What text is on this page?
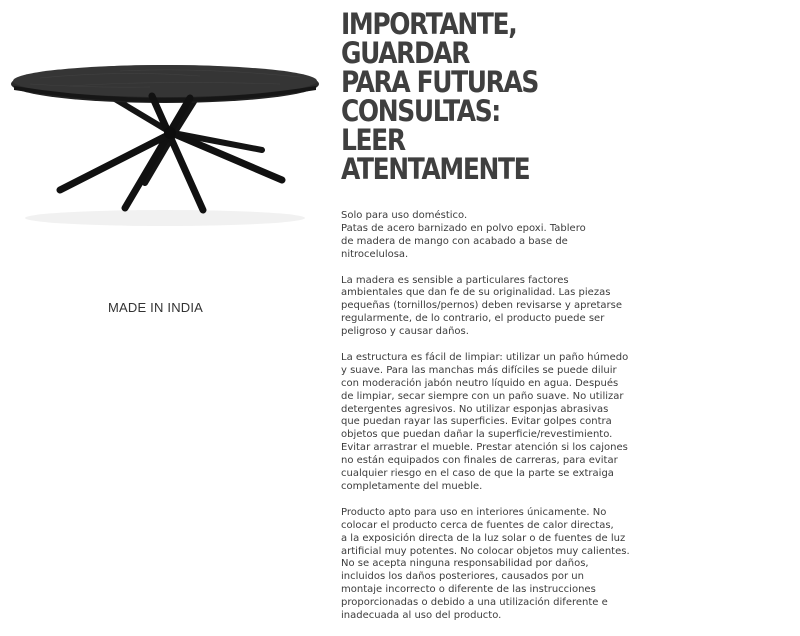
MADE IN INDIA
IMPORTANTE,
GUARDAR
PARA FUTURAS
CONSULTAS:
LEER
ATENTAMENTE

Solo para uso doméstico.
Patas de acero barnizado en polvo epoxi. Tablero
de madera de mango con acabado a base de
nitrocelulosa.

La madera es sensible a particulares factores
ambientales que dan fe de su originalidad. Las piezas
pequeñas (tornillos/pernos) deben revisarse y apretarse
regularmente, de lo contrario, el producto puede ser
peligroso y causar daños.

La estructura es fácil de limpiar: utilizar un paño húmedo
y suave. Para las manchas más difíciles se puede diluir
con moderación jabón neutro líquido en agua. Después
de limpiar, secar siempre con un paño suave. No utilizar
detergentes agresivos. No utilizar esponjas abrasivas
que puedan rayar las superficies. Evitar golpes contra
objetos que puedan dañar la superficie/revestimiento.
Evitar arrastrar el mueble. Prestar atención si los cajones
no están equipados con finales de carreras, para evitar
cualquier riesgo en el caso de que la parte se extraiga
completamente del mueble.

Producto apto para uso en interiores únicamente. No
colocar el producto cerca de fuentes de calor directas,
a la exposición directa de la luz solar o de fuentes de luz
artificial muy potentes. No colocar objetos muy calientes.
No se acepta ninguna responsabilidad por daños,
incluidos los daños posteriores, causados por un
montaje incorrecto o diferente de las instrucciones
proporcionadas o debido a una utilización diferente e
inadecuada al uso del producto.
